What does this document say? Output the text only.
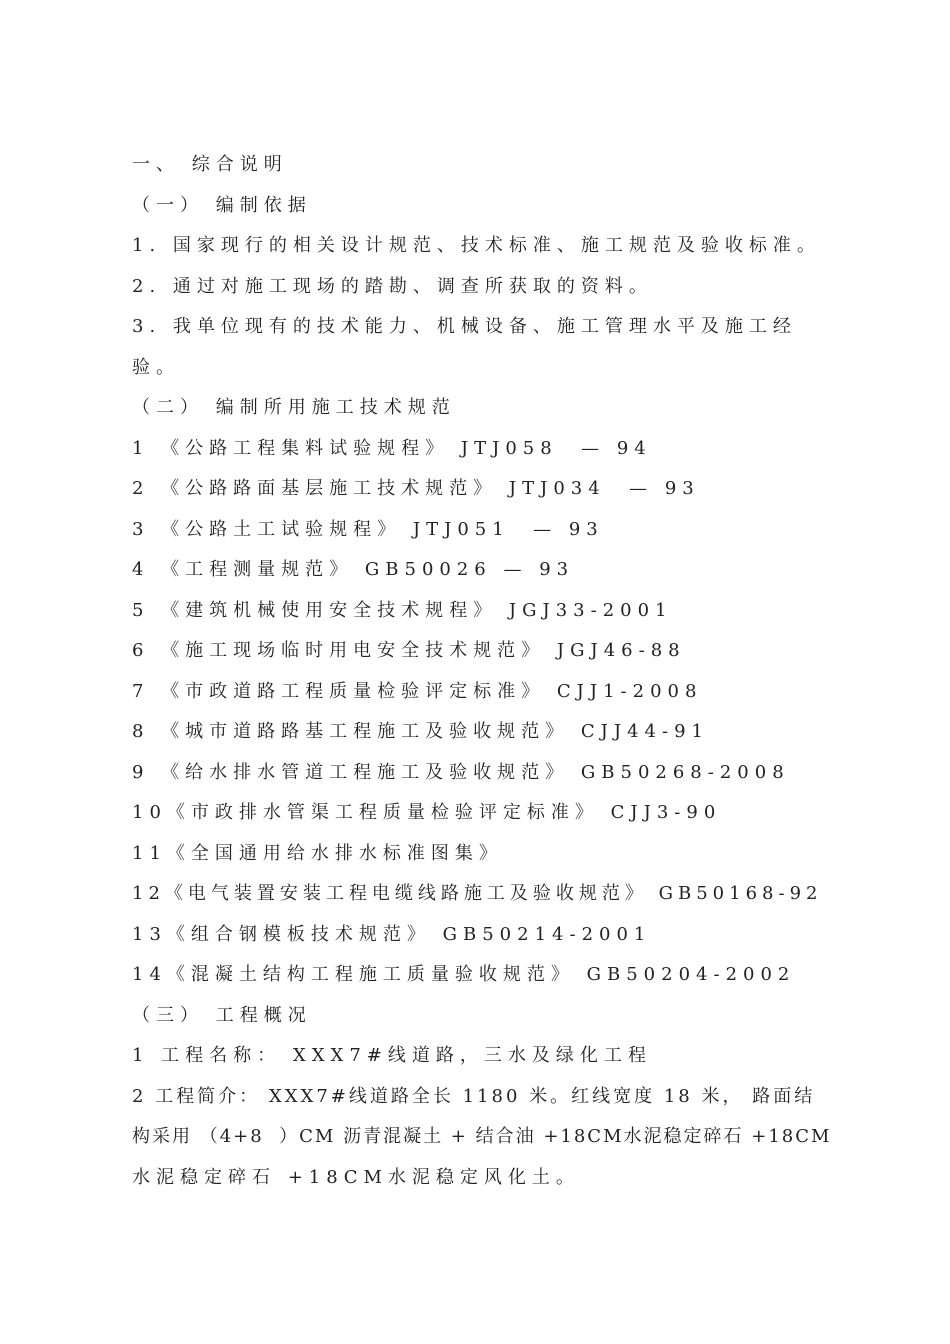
一、 综合说明
（一） 编制依据
1. 国家现行的相关设计规范、技术标准、施工规范及验收标准。
2. 通过对施工现场的踏勘、调查所获取的资料。
3. 我单位现有的技术能力、机械设备、施工管理水平及施工经
验。
（二） 编制所用施工技术规范
1 《公路工程集料试验规程》 JTJ058  — 94
2 《公路路面基层施工技术规范》 JTJ034  — 93
3 《公路土工试验规程》 JTJ051  — 93
4 《工程测量规范》 GB50026 — 93
5 《建筑机械使用安全技术规程》 JGJ33-2001
6 《施工现场临时用电安全技术规范》 JGJ46-88
7 《市政道路工程质量检验评定标准》 CJJ1-2008
8 《城市道路路基工程施工及验收规范》 CJJ44-91
9 《给水排水管道工程施工及验收规范》 GB50268-2008
10《市政排水管渠工程质量检验评定标准》 CJJ3-90
11《全国通用给水排水标准图集》
12《电气装置安装工程电缆线路施工及验收规范》 GB50168-92
13《组合钢模板技术规范》 GB50214-2001
14《混凝土结构工程施工质量验收规范》 GB50204-2002
（三） 工程概况
1 工程名称： XXX7#线道路，三水及绿化工程
2 工程简介： XXX7#线道路全长 1180 米。红线宽度 18 米， 路面结
构采用 （4+8  ）CM 沥青混凝土 + 结合油 +18CM水泥稳定碎石 +18CM
水泥稳定碎石 +18CM水泥稳定风化土。
